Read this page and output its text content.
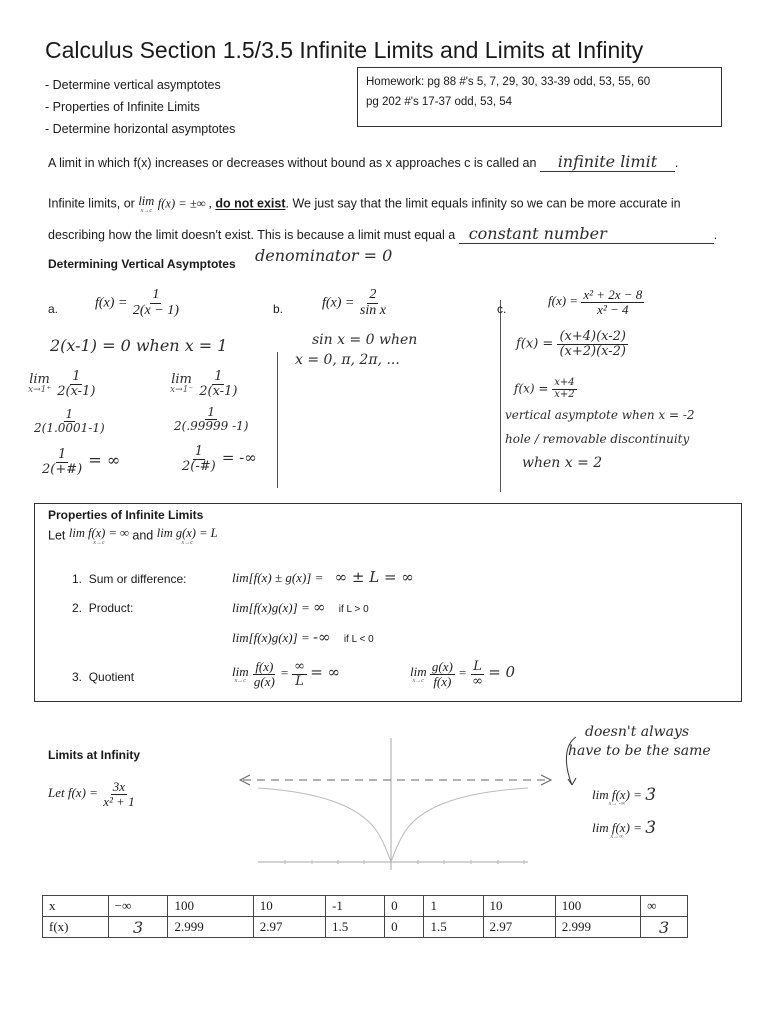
Calculus Section 1.5/3.5 Infinite Limits and Limits at Infinity
- Determine vertical asymptotes
- Properties of Infinite Limits
- Determine horizontal asymptotes
Homework: pg 88 #'s 5, 7, 29, 30, 33-39 odd, 53, 55, 60
pg 202 #'s 17-37 odd, 53, 54
A limit in which f(x) increases or decreases without bound as x approaches c is called an infinite limit .
Infinite limits, or lim
x→c f(x) = ±∞ , do not exist. We just say that the limit equals infinity so we can be more accurate in
describing how the limit doesn't exist. This is because a limit must equal a constant number	.
Determining Vertical Asymptotes denominator = 0
a.	$f(x) = \frac{1}{2(x - 1)}$
2(x-1) = 0 when x = 1
lim
x→1⁺
$\frac{1}{2(x-1)}$
$\frac{1}{2(1.0001-1)}$
$\frac{1}{2(+\#)}$ = ∞
lim
x→1⁻
$\frac{1}{2(x-1)}$
$\frac{1}{2(.99999 -1)}$
$\frac{1}{2(-\#)}$ = -∞
b.	$f(x) = \frac{2}{\text{sin x}}$
sin x = 0 when
x = 0, π, 2π, ...
c.
$f(x) = \frac{\text{x² + 2x − 8}}{\text{x² − 4}}$
$f(x) = \frac{(x+4)(x-2)}{(x+2)(x-2)}$
$f(x) = \frac{x+4}{x+2}$
vertical asymptote when x = -2
hole / removable discontinuity
when x = 2
Properties of Infinite Limits
Let lim f(x) = ∞
x→c and lim g(x) = L
x→c
1. Sum or difference:	lim[f(x) ± g(x)] = ∞ ± L = ∞
2. Product:	lim[f(x)g(x)] = ∞ if L > 0
lim[f(x)g(x)] = -∞ if L < 0
3. Quotient	lim
x→c
$\frac{f(x)}{g(x)} = \frac{\infty}{L}$ = ∞	lim
x→c
$\frac{g(x)}{f(x)} = \frac{L}{\infty} = 0$
Limits at Infinity
Let $f(x) = \frac{3x}{\text{x² + 1}}$
doesn't always
have to be the same
lim f(x) =
x→ -∞ 3
lim f(x) =
x→∞ 3
x	−∞	100	10	-1	0	1	10	100	∞
f(x)	3	2.999	2.97	1.5	0	1.5	2.97	2.999	3
